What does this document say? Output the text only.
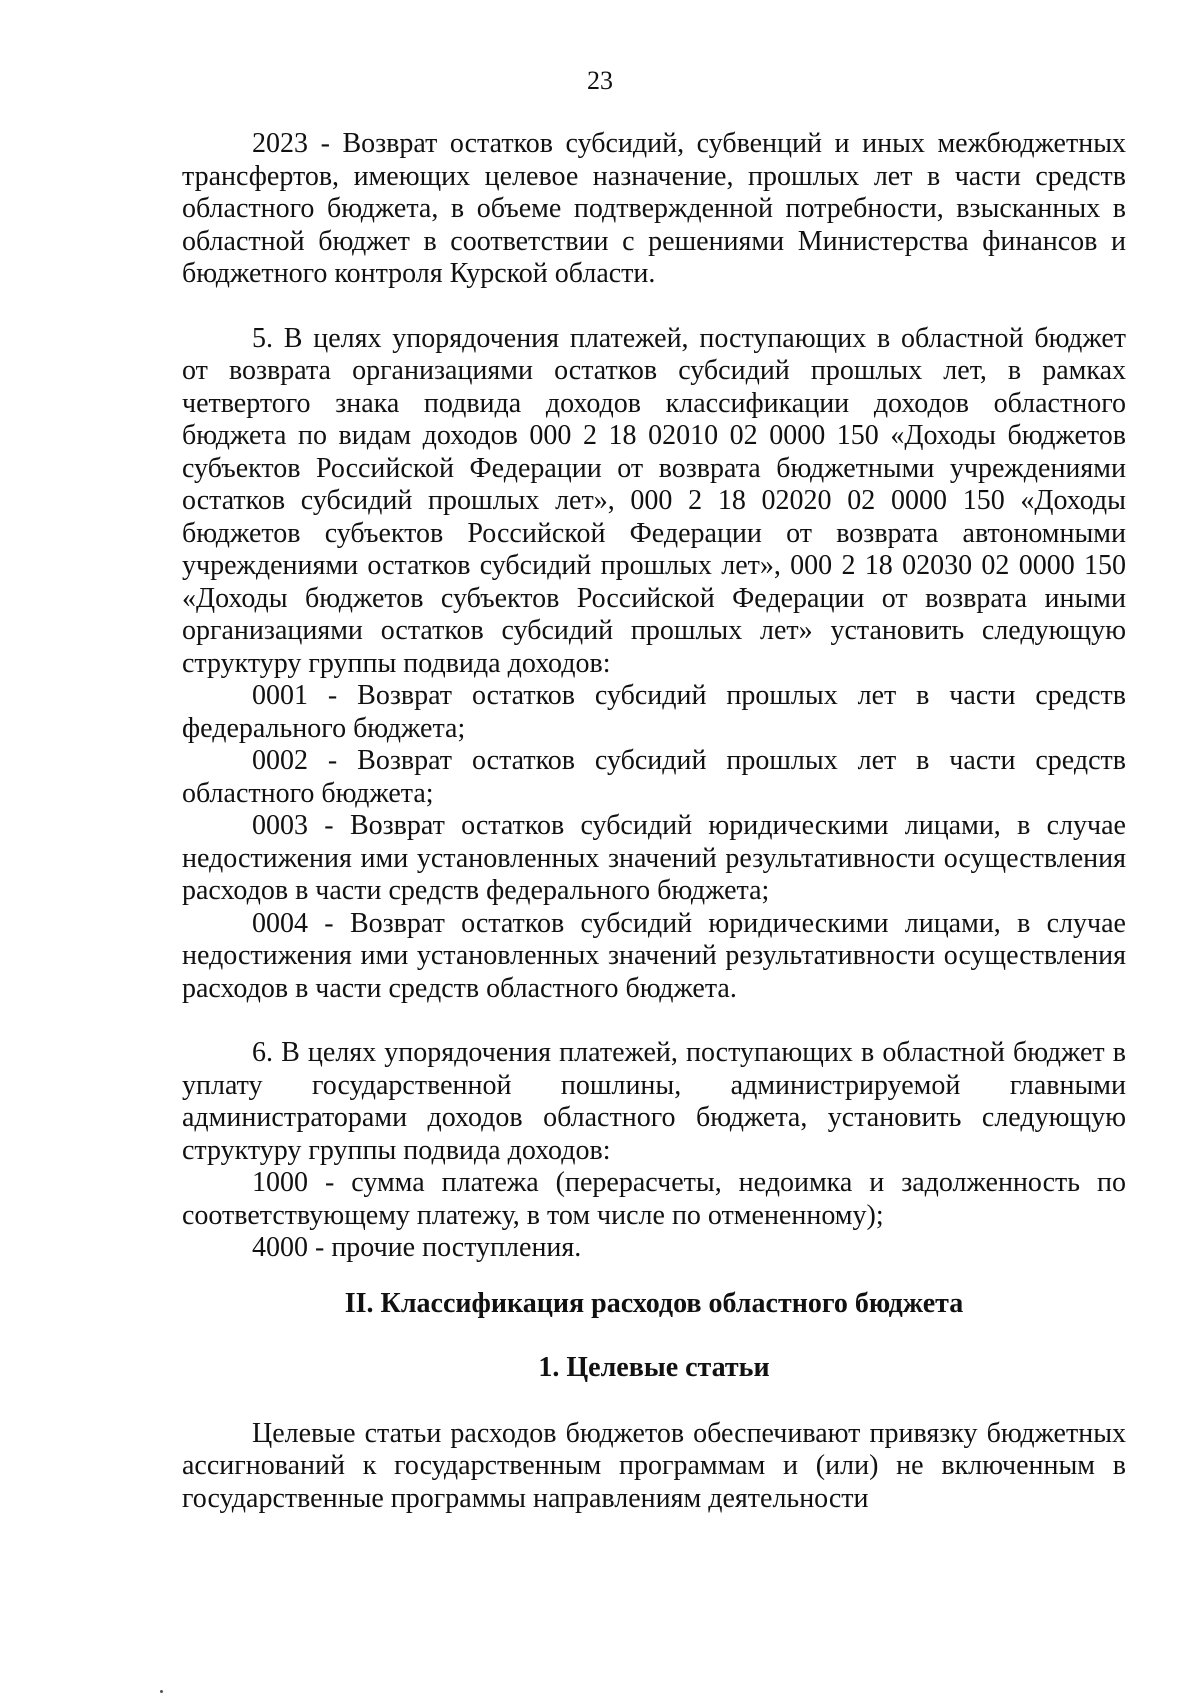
23

2023 - Возврат остатков субсидий, субвенций и иных межбюджетных трансфертов, имеющих целевое назначение, прошлых лет в части средств областного бюджета, в объеме подтвержденной потребности, взысканных в областной бюджет в соответствии с решениями Министерства финансов и бюджетного контроля Курской области.

5. В целях упорядочения платежей, поступающих в областной бюджет от возврата организациями остатков субсидий прошлых лет, в рамках четвертого знака подвида доходов классификации доходов областного бюджета по видам доходов 000 2 18 02010 02 0000 150 «Доходы бюджетов субъектов Российской Федерации от возврата бюджетными учреждениями остатков субсидий прошлых лет», 000 2 18 02020 02 0000 150 «Доходы бюджетов субъектов Российской Федерации от возврата автономными учреждениями остатков субсидий прошлых лет», 000 2 18 02030 02 0000 150 «Доходы бюджетов субъектов Российской Федерации от возврата иными организациями остатков субсидий прошлых лет» установить следующую структуру группы подвида доходов:

0001 - Возврат остатков субсидий прошлых лет в части средств федерального бюджета;

0002 - Возврат остатков субсидий прошлых лет в части средств областного бюджета;

0003 - Возврат остатков субсидий юридическими лицами, в случае недостижения ими установленных значений результативности осуществления расходов в части средств федерального бюджета;

0004 - Возврат остатков субсидий юридическими лицами, в случае недостижения ими установленных значений результативности осуществления расходов в части средств областного бюджета.

6. В целях упорядочения платежей, поступающих в областной бюджет в уплату государственной пошлины, администрируемой главными администраторами доходов областного бюджета, установить следующую структуру группы подвида доходов:

1000 - сумма платежа (перерасчеты, недоимка и задолженность по соответствующему платежу, в том числе по отмененному);

4000 - прочие поступления.

II. Классификация расходов областного бюджета

1. Целевые статьи

Целевые статьи расходов бюджетов обеспечивают привязку бюджетных ассигнований к государственным программам и (или) не включенным в государственные программы направлениям деятельности
